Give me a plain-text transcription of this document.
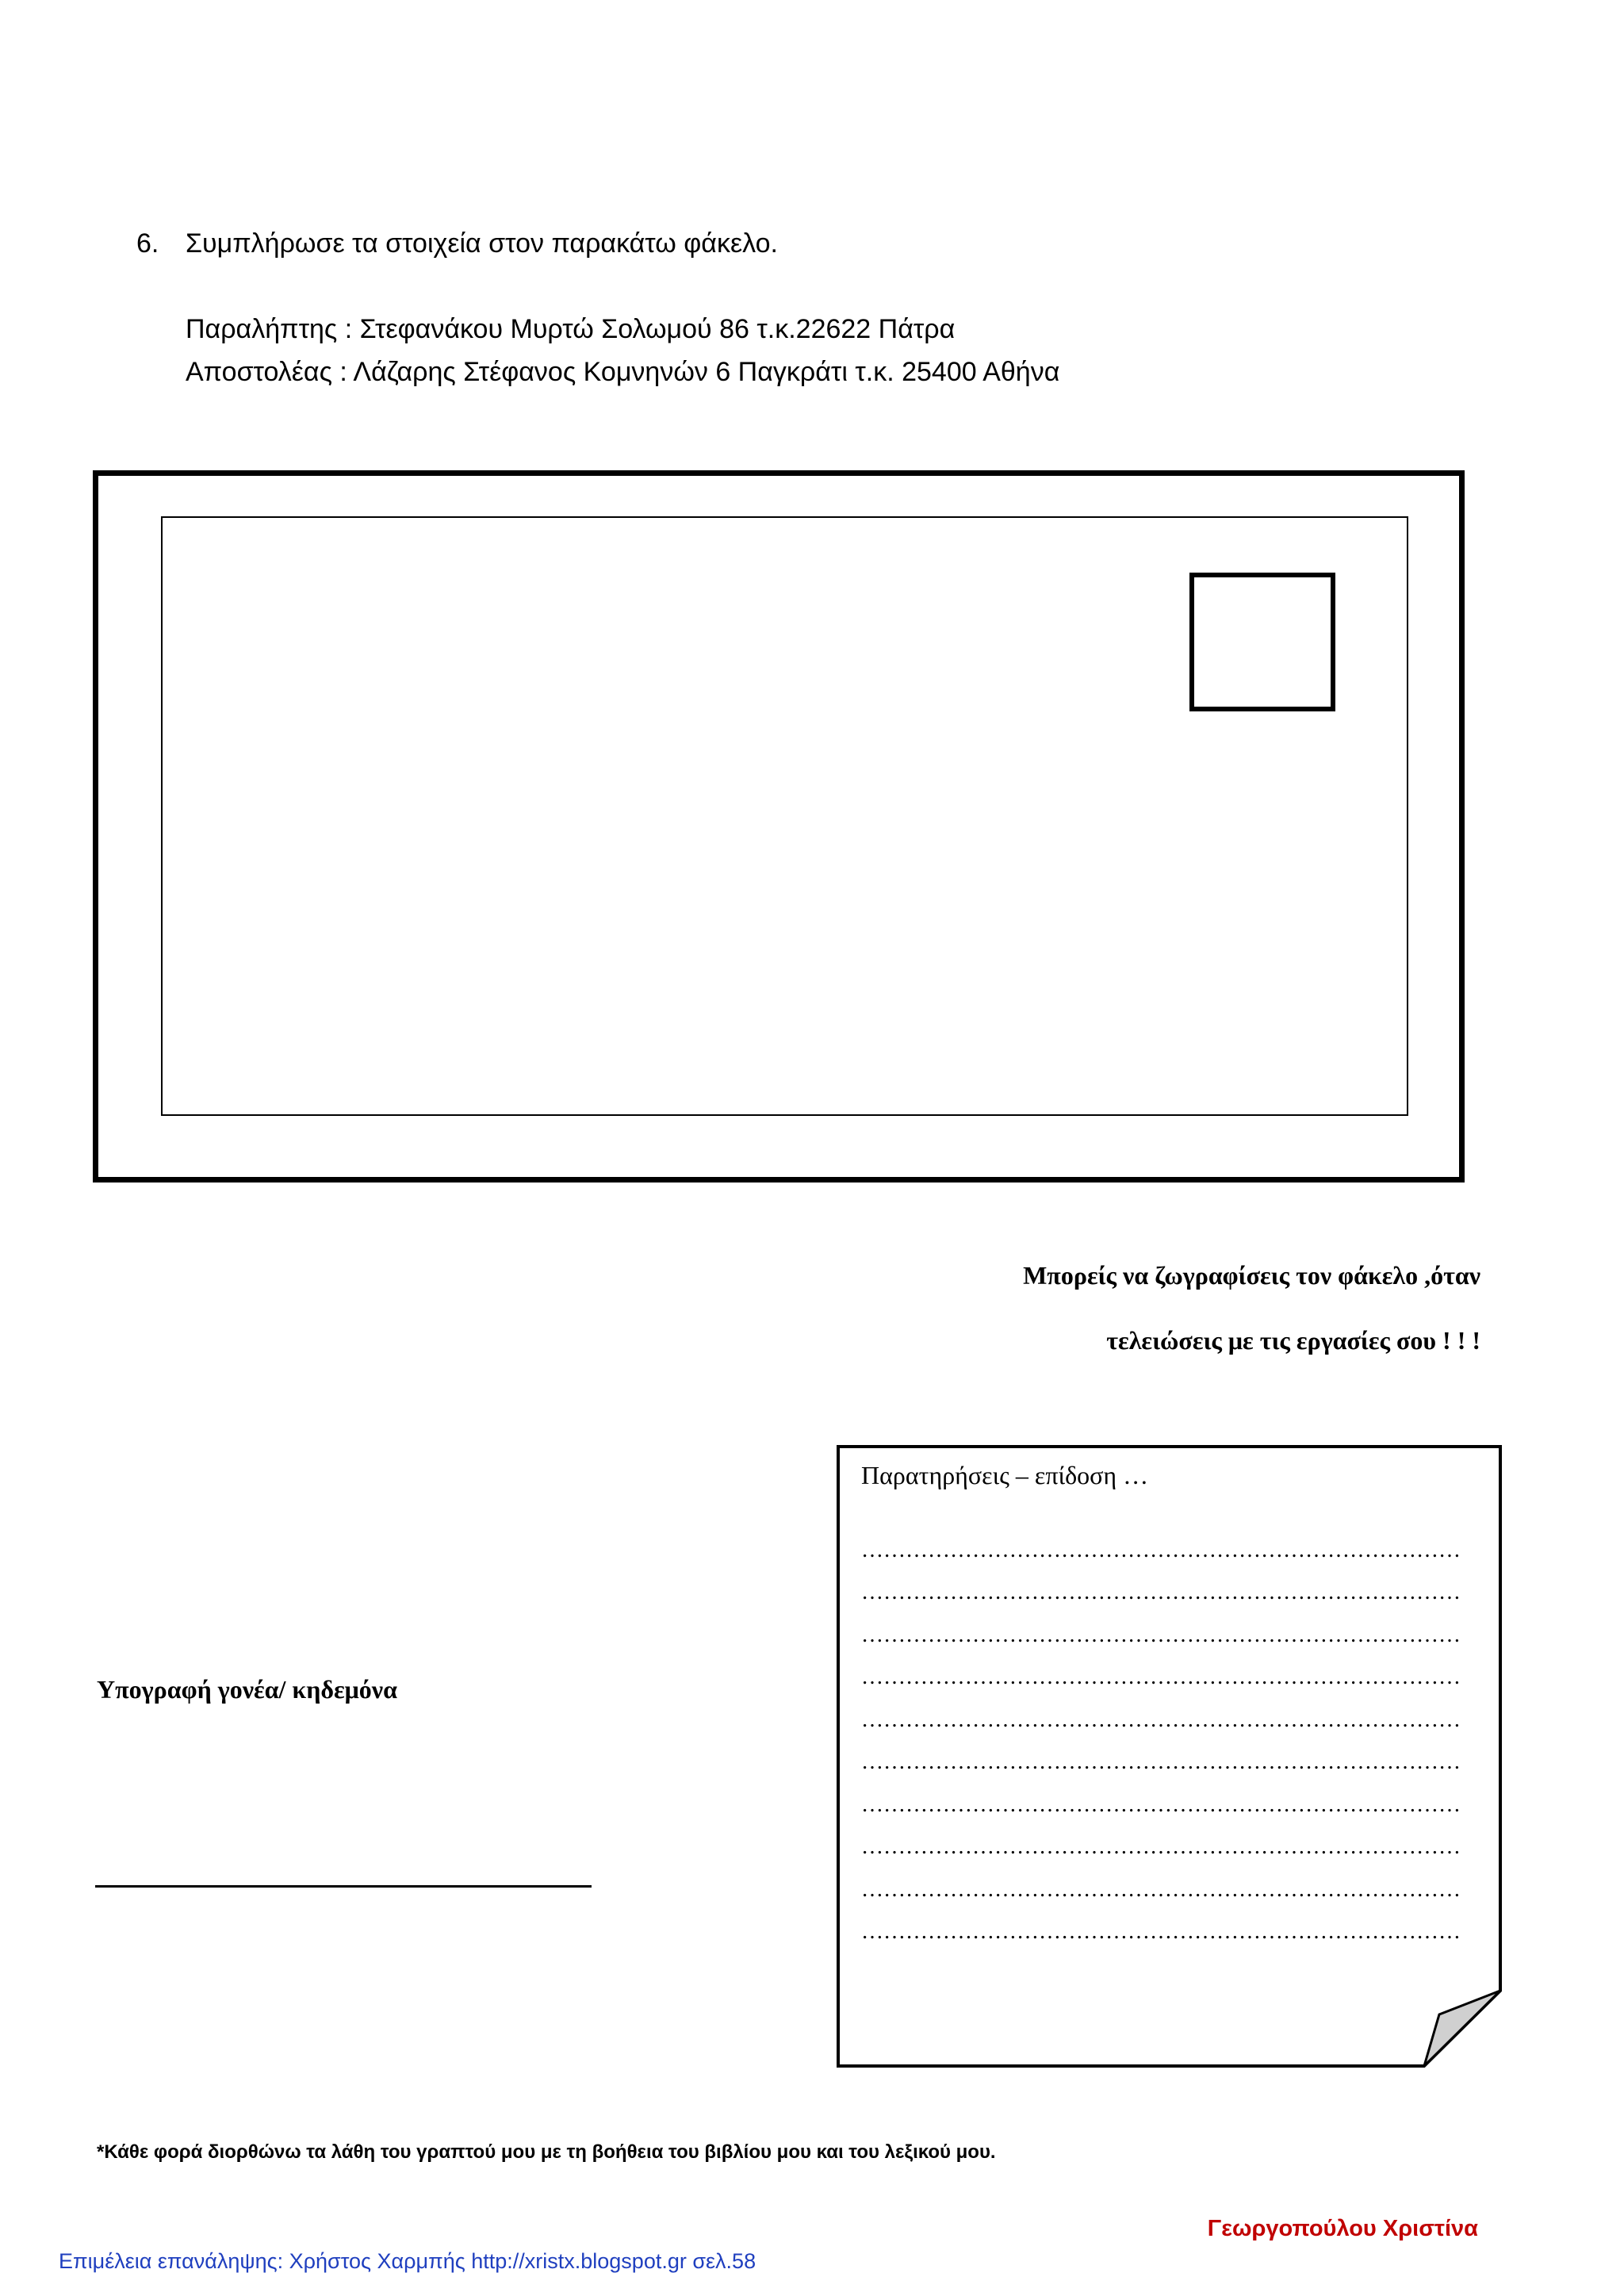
6. Συμπλήρωσε τα στοιχεία στον παρακάτω φάκελο.
Παραλήπτης : Στεφανάκου Μυρτώ Σολωμού 86 τ.κ.22622 Πάτρα
Αποστολέας : Λάζαρης Στέφανος Κομνηνών 6 Παγκράτι τ.κ. 25400 Αθήνα
Μπορείς να ζωγραφίσεις τον φάκελο ,όταν
τελειώσεις με τις εργασίες σου ! ! !
Υπογραφή γονέα/ κηδεμόνα
Παρατηρήσεις – επίδοση …
………………………………………………………………………
………………………………………………………………………
………………………………………………………………………
………………………………………………………………………
………………………………………………………………………
………………………………………………………………………
………………………………………………………………………
………………………………………………………………………
………………………………………………………………………
………………………………………………………………………
*Κάθε φορά διορθώνω τα λάθη του γραπτού μου με τη βοήθεια του βιβλίου μου και του λεξικού μου.
Γεωργοπούλου Χριστίνα
Επιμέλεια επανάληψης: Χρήστος Χαρμπής http://xristx.blogspot.gr σελ.58
